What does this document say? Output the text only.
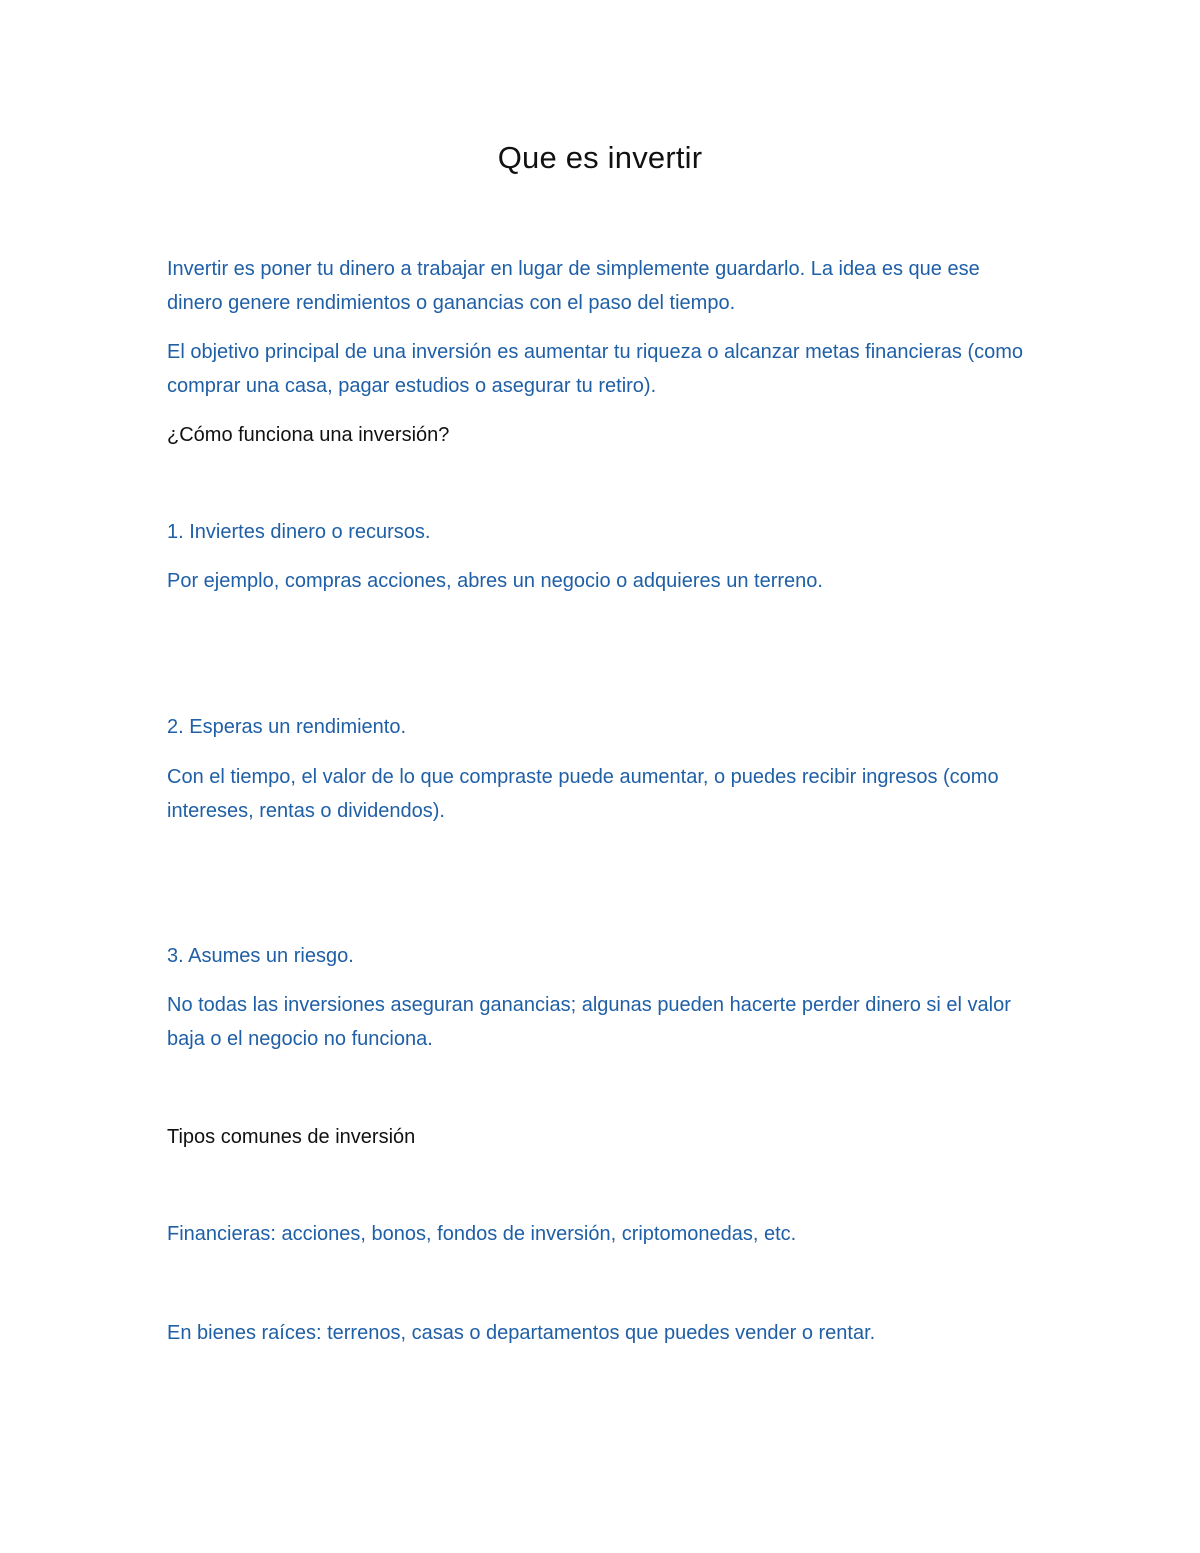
Que es invertir

Invertir es poner tu dinero a trabajar en lugar de simplemente guardarlo. La idea es que ese dinero genere rendimientos o ganancias con el paso del tiempo.

El objetivo principal de una inversión es aumentar tu riqueza o alcanzar metas financieras (como comprar una casa, pagar estudios o asegurar tu retiro).

¿Cómo funciona una inversión?

1. Inviertes dinero o recursos.

Por ejemplo, compras acciones, abres un negocio o adquieres un terreno.

2. Esperas un rendimiento.

Con el tiempo, el valor de lo que compraste puede aumentar, o puedes recibir ingresos (como intereses, rentas o dividendos).

3. Asumes un riesgo.

No todas las inversiones aseguran ganancias; algunas pueden hacerte perder dinero si el valor baja o el negocio no funciona.

Tipos comunes de inversión

Financieras: acciones, bonos, fondos de inversión, criptomonedas, etc.

En bienes raíces: terrenos, casas o departamentos que puedes vender o rentar.
